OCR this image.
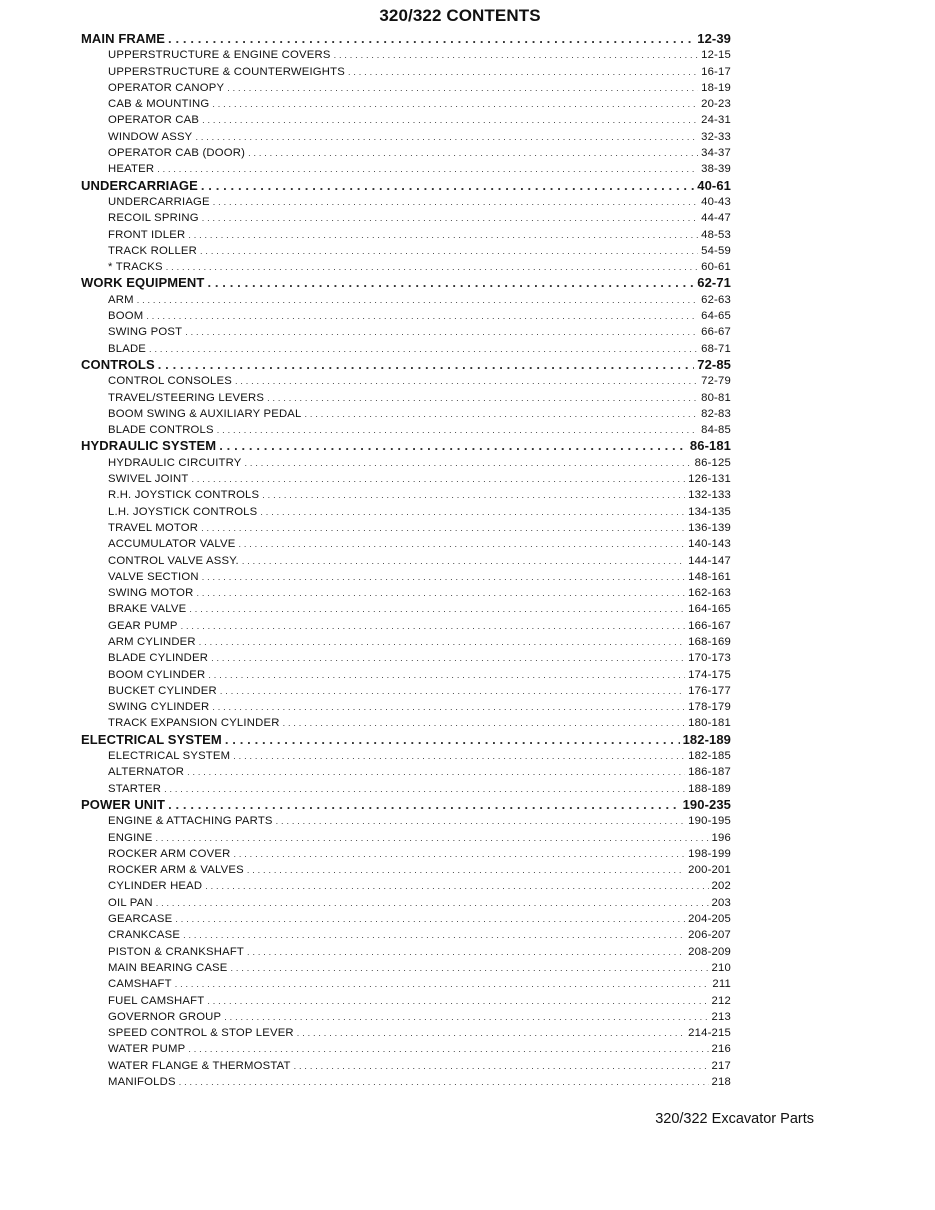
320/322 CONTENTS
MAIN FRAME . . .	12-39
UPPERSTRUCTURE & ENGINE COVERS . . .	12-15
UPPERSTRUCTURE & COUNTERWEIGHTS . . .	16-17
OPERATOR CANOPY . . .	18-19
CAB & MOUNTING . . .	20-23
OPERATOR CAB . . .	24-31
WINDOW ASSY . . .	32-33
OPERATOR CAB (DOOR) . . .	34-37
HEATER . . .	38-39
UNDERCARRIAGE . . .	40-61
UNDERCARRIAGE . . .	40-43
RECOIL SPRING . . .	44-47
FRONT IDLER . . .	48-53
TRACK ROLLER . . .	54-59
* TRACKS . . .	60-61
WORK EQUIPMENT . . .	62-71
ARM . . .	62-63
BOOM . . .	64-65
SWING POST . . .	66-67
BLADE . . .	68-71
CONTROLS . . .	72-85
CONTROL CONSOLES . . .	72-79
TRAVEL/STEERING LEVERS . . .	80-81
BOOM SWING & AUXILIARY PEDAL . . .	82-83
BLADE CONTROLS . . .	84-85
HYDRAULIC SYSTEM . . .	86-181
HYDRAULIC CIRCUITRY . . .	86-125
SWIVEL JOINT . . .	126-131
R.H. JOYSTICK CONTROLS . . .	132-133
L.H. JOYSTICK CONTROLS . . .	134-135
TRAVEL MOTOR . . .	136-139
ACCUMULATOR VALVE . . .	140-143
CONTROL VALVE ASSY. . . .	144-147
VALVE SECTION . . .	148-161
SWING MOTOR . . .	162-163
BRAKE VALVE . . .	164-165
GEAR PUMP . . .	166-167
ARM CYLINDER . . .	168-169
BLADE CYLINDER . . .	170-173
BOOM CYLINDER . . .	174-175
BUCKET CYLINDER . . .	176-177
SWING CYLINDER . . .	178-179
TRACK EXPANSION CYLINDER . . .	180-181
ELECTRICAL SYSTEM . . .	182-189
ELECTRICAL SYSTEM . . .	182-185
ALTERNATOR . . .	186-187
STARTER . . .	188-189
POWER UNIT . . .	190-235
ENGINE & ATTACHING PARTS . . .	190-195
ENGINE . . .	196
ROCKER ARM COVER . . .	198-199
ROCKER ARM & VALVES . . .	200-201
CYLINDER HEAD . . .	202
OIL PAN . . .	203
GEARCASE . . .	204-205
CRANKCASE . . .	206-207
PISTON & CRANKSHAFT . . .	208-209
MAIN BEARING CASE . . .	210
CAMSHAFT . . .	211
FUEL CAMSHAFT . . .	212
GOVERNOR GROUP . . .	213
SPEED CONTROL & STOP LEVER . . .	214-215
WATER PUMP . . .	216
WATER FLANGE & THERMOSTAT . . .	217
MANIFOLDS . . .	218
320/322 Excavator Parts
